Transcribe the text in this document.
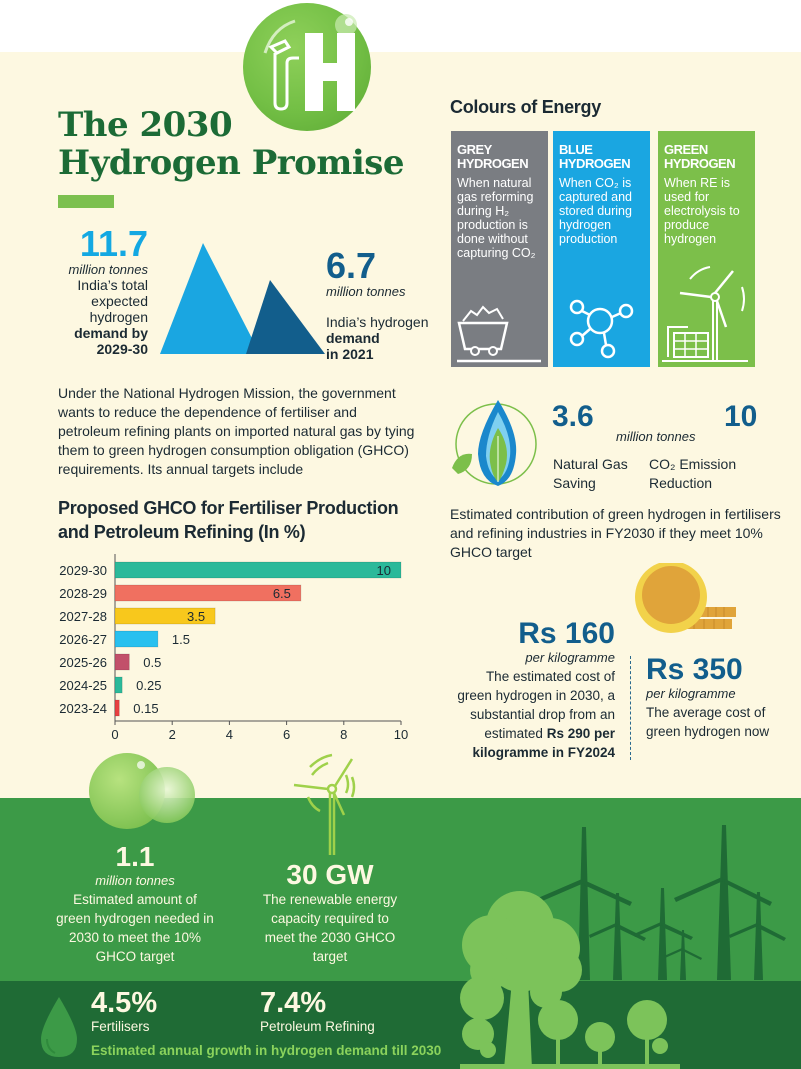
The 2030
Hydrogen Promise
11.7
million tonnes
India’s total expected hydrogen demand by
2029-30
6.7
million tonnes
India’s hydrogen
demand
in 2021
Under the National Hydrogen Mission, the government wants to reduce the dependence of fertiliser and petroleum refining plants on imported natural gas by tying them to green hydrogen consumption obligation (GHCO) requirements. Its annual targets include
Proposed GHCO for Fertiliser Production and Petroleum Refining (In %)
0	2	4	6	8	10
2029-30	10
2028-29	6.5
2027-28	3.5
2026-27	1.5
2025-26	0.5
2024-25 0.25
2023-24 0.15
Colours of Energy
GREY
HYDROGEN
When natural gas reforming during H₂ production is done without capturing CO₂
BLUE
HYDROGEN
When CO₂ is captured and stored during hydrogen production
GREEN
HYDROGEN
When RE is used for electrolysis to produce hydrogen
3.6	10
million tonnes
Natural Gas
Saving
CO₂ Emission
Reduction
Estimated contribution of green hydrogen in fertilisers and refining industries in FY2030 if they meet 10% GHCO target
Rs 160
per kilogramme
The estimated cost of green hydrogen in 2030, a substantial drop from an estimated Rs 290 per kilogramme in FY2024
Rs 350
per kilogramme
The average cost of green hydrogen now
1.1
million tonnes
Estimated amount of green hydrogen needed in 2030 to meet the 10% GHCO target
30 GW
The renewable energy capacity required to meet the 2030 GHCO target
4.5%
Fertilisers
7.4%
Petroleum Refining
Estimated annual growth in hydrogen demand till 2030
